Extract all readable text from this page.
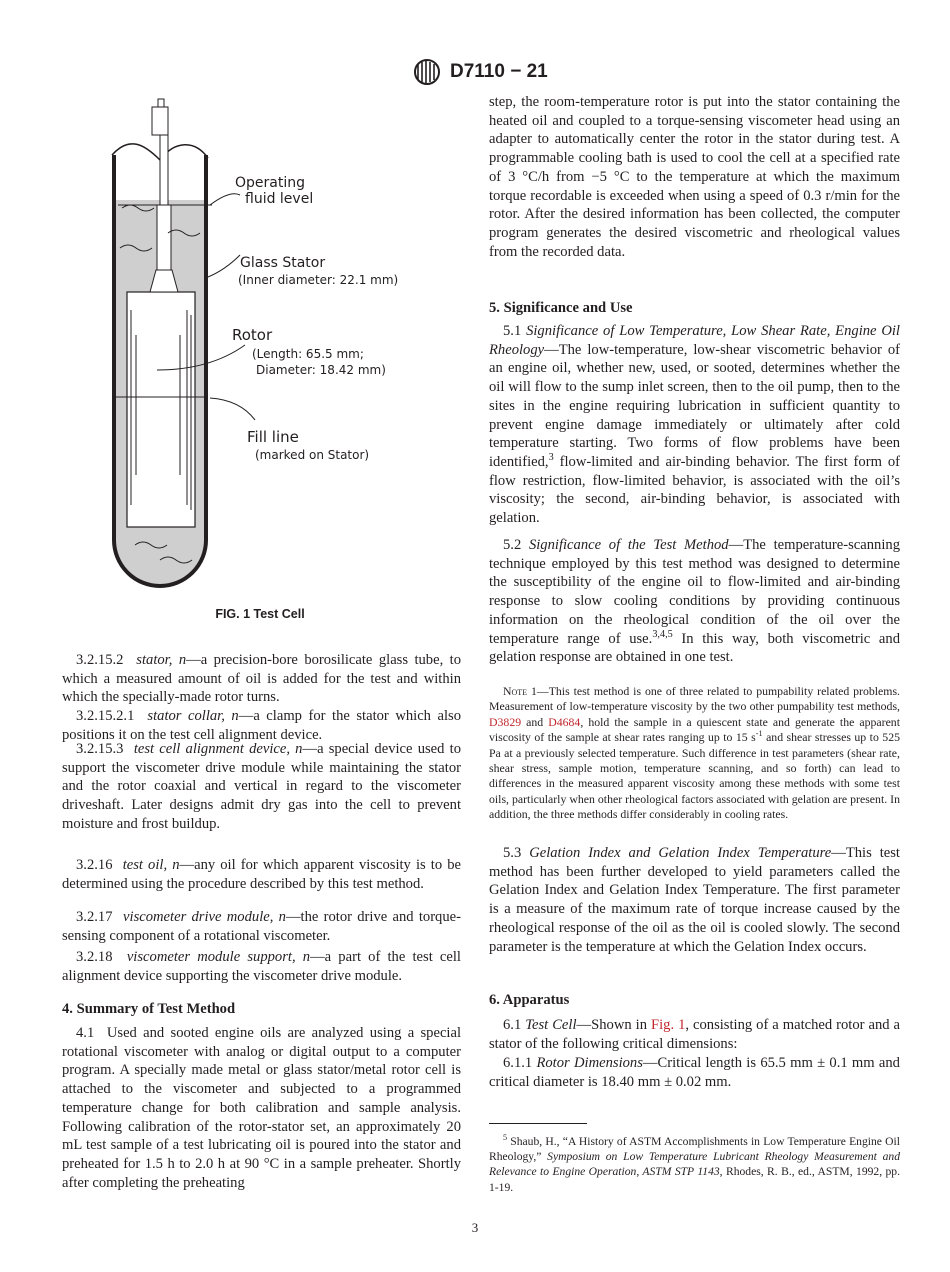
D7110 − 21
Operating
fluid level
Glass Stator
(Inner diameter: 22.1 mm)
Rotor
(Length: 65.5 mm;
Diameter: 18.42 mm)
Fill line
(marked on Stator)
FIG. 1 Test Cell

3.2.15.2 stator, n—a precision-bore borosilicate glass tube, to which a measured amount of oil is added for the test and within which the specially-made rotor turns.

3.2.15.2.1 stator collar, n—a clamp for the stator which also positions it on the test cell alignment device.

3.2.15.3 test cell alignment device, n—a special device used to support the viscometer drive module while maintaining the stator and the rotor coaxial and vertical in regard to the viscometer driveshaft. Later designs admit dry gas into the cell to prevent moisture and frost buildup.

3.2.16 test oil, n—any oil for which apparent viscosity is to be determined using the procedure described by this test method.

3.2.17 viscometer drive module, n—the rotor drive and torque-sensing component of a rotational viscometer.

3.2.18 viscometer module support, n—a part of the test cell alignment device supporting the viscometer drive module.

4. Summary of Test Method

4.1 Used and sooted engine oils are analyzed using a special rotational viscometer with analog or digital output to a computer program. A specially made metal or glass stator/metal rotor cell is attached to the viscometer and subjected to a programmed temperature change for both calibration and sample analysis. Following calibration of the rotor-stator set, an approximately 20 mL test sample of a test lubricating oil is poured into the stator and preheated for 1.5 h to 2.0 h at 90 °C in a sample preheater. Shortly after completing the preheating

step, the room-temperature rotor is put into the stator containing the heated oil and coupled to a torque-sensing viscometer head using an adapter to automatically center the rotor in the stator during test. A programmable cooling bath is used to cool the cell at a specified rate of 3 °C/h from −5 °C to the temperature at which the maximum torque recordable is exceeded when using a speed of 0.3 r/min for the rotor. After the desired information has been collected, the computer program generates the desired viscometric and rheological values from the recorded data.
5. Significance and Use

5.1 Significance of Low Temperature, Low Shear Rate, Engine Oil Rheology—The low-temperature, low-shear viscometric behavior of an engine oil, whether new, used, or sooted, determines whether the oil will flow to the sump inlet screen, then to the oil pump, then to the sites in the engine requiring lubrication in sufficient quantity to prevent engine damage immediately or ultimately after cold temperature starting. Two forms of flow problems have been identified,$^3$ flow-limited and air-binding behavior. The first form of flow restriction, flow-limited behavior, is associated with the oil’s viscosity; the second, air-binding behavior, is associated with gelation.

5.2 Significance of the Test Method—The temperature-scanning technique employed by this test method was designed to determine the susceptibility of the engine oil to flow-limited and air-binding response to slow cooling conditions by providing continuous information on the rheological condition of the oil over the temperature range of use.$^{3,4,5}$ In this way, both viscometric and gelation response are obtained in one test.

Note 1—This test method is one of three related to pumpability related problems. Measurement of low-temperature viscosity by the two other pumpability test methods, D3829 and D4684, hold the sample in a quiescent state and generate the apparent viscosity of the sample at shear rates ranging up to 15 $s^{-1}$ and shear stresses up to 525 Pa at a previously selected temperature. Such difference in test parameters (shear rate, shear stress, sample motion, temperature scanning, and so forth) can lead to differences in the measured apparent viscosity among these methods with some test oils, particularly when other rheological factors associated with gelation are present. In addition, the three methods differ considerably in cooling rates.

5.3 Gelation Index and Gelation Index Temperature—This test method has been further developed to yield parameters called the Gelation Index and Gelation Index Temperature. The first parameter is a measure of the maximum rate of torque increase caused by the rheological response of the oil as the oil is cooled slowly. The second parameter is the temperature at which the Gelation Index occurs.

6. Apparatus

6.1 Test Cell—Shown in Fig. 1, consisting of a matched rotor and a stator of the following critical dimensions:

6.1.1 Rotor Dimensions—Critical length is 65.5 mm ± 0.1 mm and critical diameter is 18.40 mm ± 0.02 mm.

$^5$ Shaub, H., “A History of ASTM Accomplishments in Low Temperature Engine Oil Rheology,” Symposium on Low Temperature Lubricant Rheology Measurement and Relevance to Engine Operation, ASTM STP 1143, Rhodes, R. B., ed., ASTM, 1992, pp. 1-19.
3
